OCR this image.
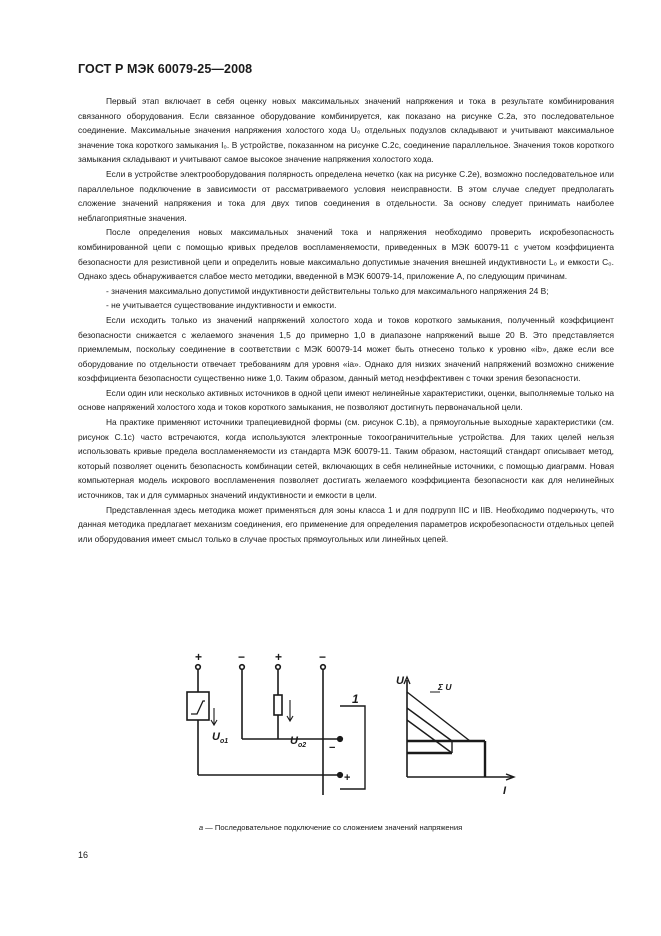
ГОСТ Р МЭК 60079-25—2008

Первый этап включает в себя оценку новых максимальных значений напряжения и тока в результате комбинирования связанного оборудования. Если связанное оборудование комбинируется, как показано на рисунке С.2а, это последовательное соединение. Максимальные значения напряжения холостого хода U₀ отдельных подузлов складывают и учитывают максимальное значение тока короткого замыкания I₀. В устройстве, показанном на рисунке С.2с, соединение параллельное. Значения токов короткого замыкания складывают и учитывают самое высокое значение напряжения холостого хода.

Если в устройстве электрооборудования полярность определена нечетко (как на рисунке С.2е), возможно последовательное или параллельное подключение в зависимости от рассматриваемого условия неисправности. В этом случае следует предполагать сложение значений напряжения и тока для двух типов соединения в отдельности. За основу следует принимать наиболее неблагоприятные значения.

После определения новых максимальных значений тока и напряжения необходимо проверить искробезопасность комбинированной цепи с помощью кривых пределов воспламеняемости, приведенных в МЭК 60079-11 с учетом коэффициента безопасности для резистивной цепи и определить новые максимально допустимые значения внешней индуктивности L₀ и емкости C₀. Однако здесь обнаруживается слабое место методики, введенной в МЭК 60079-14, приложение А, по следующим причинам.

- значения максимально допустимой индуктивности действительны только для максимального напряжения 24 В;

- не учитывается существование индуктивности и емкости.

Если исходить только из значений напряжений холостого хода и токов короткого замыкания, полученный коэффициент безопасности снижается с желаемого значения 1,5 до примерно 1,0 в диапазоне напряжений выше 20 В. Это представляется приемлемым, поскольку соединение в соответствии с МЭК 60079-14 может быть отнесено только к уровню «ib», даже если все оборудование по отдельности отвечает требованиям для уровня «ia». Однако для низких значений напряжений возможно снижение коэффициента безопасности существенно ниже 1,0. Таким образом, данный метод неэффективен с точки зрения безопасности.

Если один или несколько активных источников в одной цепи имеют нелинейные характеристики, оценки, выполняемые только на основе напряжений холостого хода и токов короткого замыкания, не позволяют достигнуть первоначальной цели.

На практике применяют источники трапециевидной формы (см. рисунок С.1b), а прямоугольные выходные характеристики (см. рисунок С.1с) часто встречаются, когда используются электронные токоограничительные устройства. Для таких целей нельзя использовать кривые предела воспламеняемости из стандарта МЭК 60079-11. Таким образом, настоящий стандарт описывает метод, который позволяет оценить безопасность комбинации сетей, включающих в себя нелинейные источники, с помощью диаграмм. Новая компьютерная модель искрового воспламенения позволяет достигать желаемого коэффициента безопасности как для нелинейных источников, так и для суммарных значений индуктивности и емкости в цели.

Представленная здесь методика может применяться для зоны класса 1 и для подгрупп IIC и IIB. Необходимо подчеркнуть, что данная методика предлагает механизм соединения, его применение для определения параметров искробезопасности отдельных цепей или оборудования имеет смысл только в случае простых прямоугольных или линейных цепей.

+	− +	−
−
+
$U_{o1}$	$U_{o2}$
1
U
I
Σ U
а — Последовательное подключение со сложением значений напряжения
16
